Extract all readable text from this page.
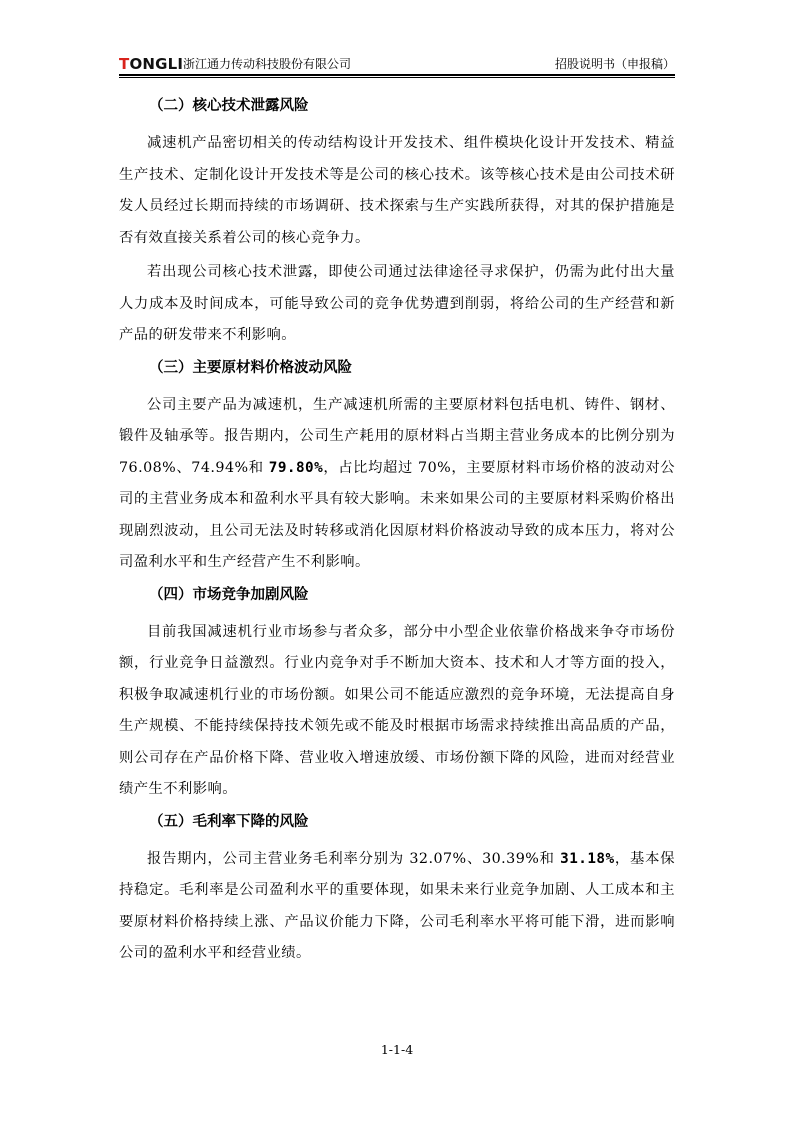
TONGLI 浙江通力传动科技股份有限公司	招股说明书（申报稿）
（二）核心技术泄露风险

减速机产品密切相关的传动结构设计开发技术、组件模块化设计开发技术、精益生产技术、定制化设计开发技术等是公司的核心技术。该等核心技术是由公司技术研发人员经过长期而持续的市场调研、技术探索与生产实践所获得，对其的保护措施是否有效直接关系着公司的核心竞争力。

若出现公司核心技术泄露，即使公司通过法律途径寻求保护，仍需为此付出大量人力成本及时间成本，可能导致公司的竞争优势遭到削弱，将给公司的生产经营和新产品的研发带来不利影响。

（三）主要原材料价格波动风险

公司主要产品为减速机，生产减速机所需的主要原材料包括电机、铸件、钢材、锻件及轴承等。报告期内，公司生产耗用的原材料占当期主营业务成本的比例分别为 76.08%、74.94%和 79.80%，占比均超过 70%，主要原材料市场价格的波动对公司的主营业务成本和盈利水平具有较大影响。未来如果公司的主要原材料采购价格出现剧烈波动，且公司无法及时转移或消化因原材料价格波动导致的成本压力，将对公司盈利水平和生产经营产生不利影响。

（四）市场竞争加剧风险

目前我国减速机行业市场参与者众多，部分中小型企业依靠价格战来争夺市场份额，行业竞争日益激烈。行业内竞争对手不断加大资本、技术和人才等方面的投入，积极争取减速机行业的市场份额。如果公司不能适应激烈的竞争环境，无法提高自身生产规模、不能持续保持技术领先或不能及时根据市场需求持续推出高品质的产品，则公司存在产品价格下降、营业收入增速放缓、市场份额下降的风险，进而对经营业绩产生不利影响。

（五）毛利率下降的风险

报告期内，公司主营业务毛利率分别为 32.07%、30.39%和 31.18%，基本保持稳定。毛利率是公司盈利水平的重要体现，如果未来行业竞争加剧、人工成本和主要原材料价格持续上涨、产品议价能力下降，公司毛利率水平将可能下滑，进而影响公司的盈利水平和经营业绩。

1-1-4
